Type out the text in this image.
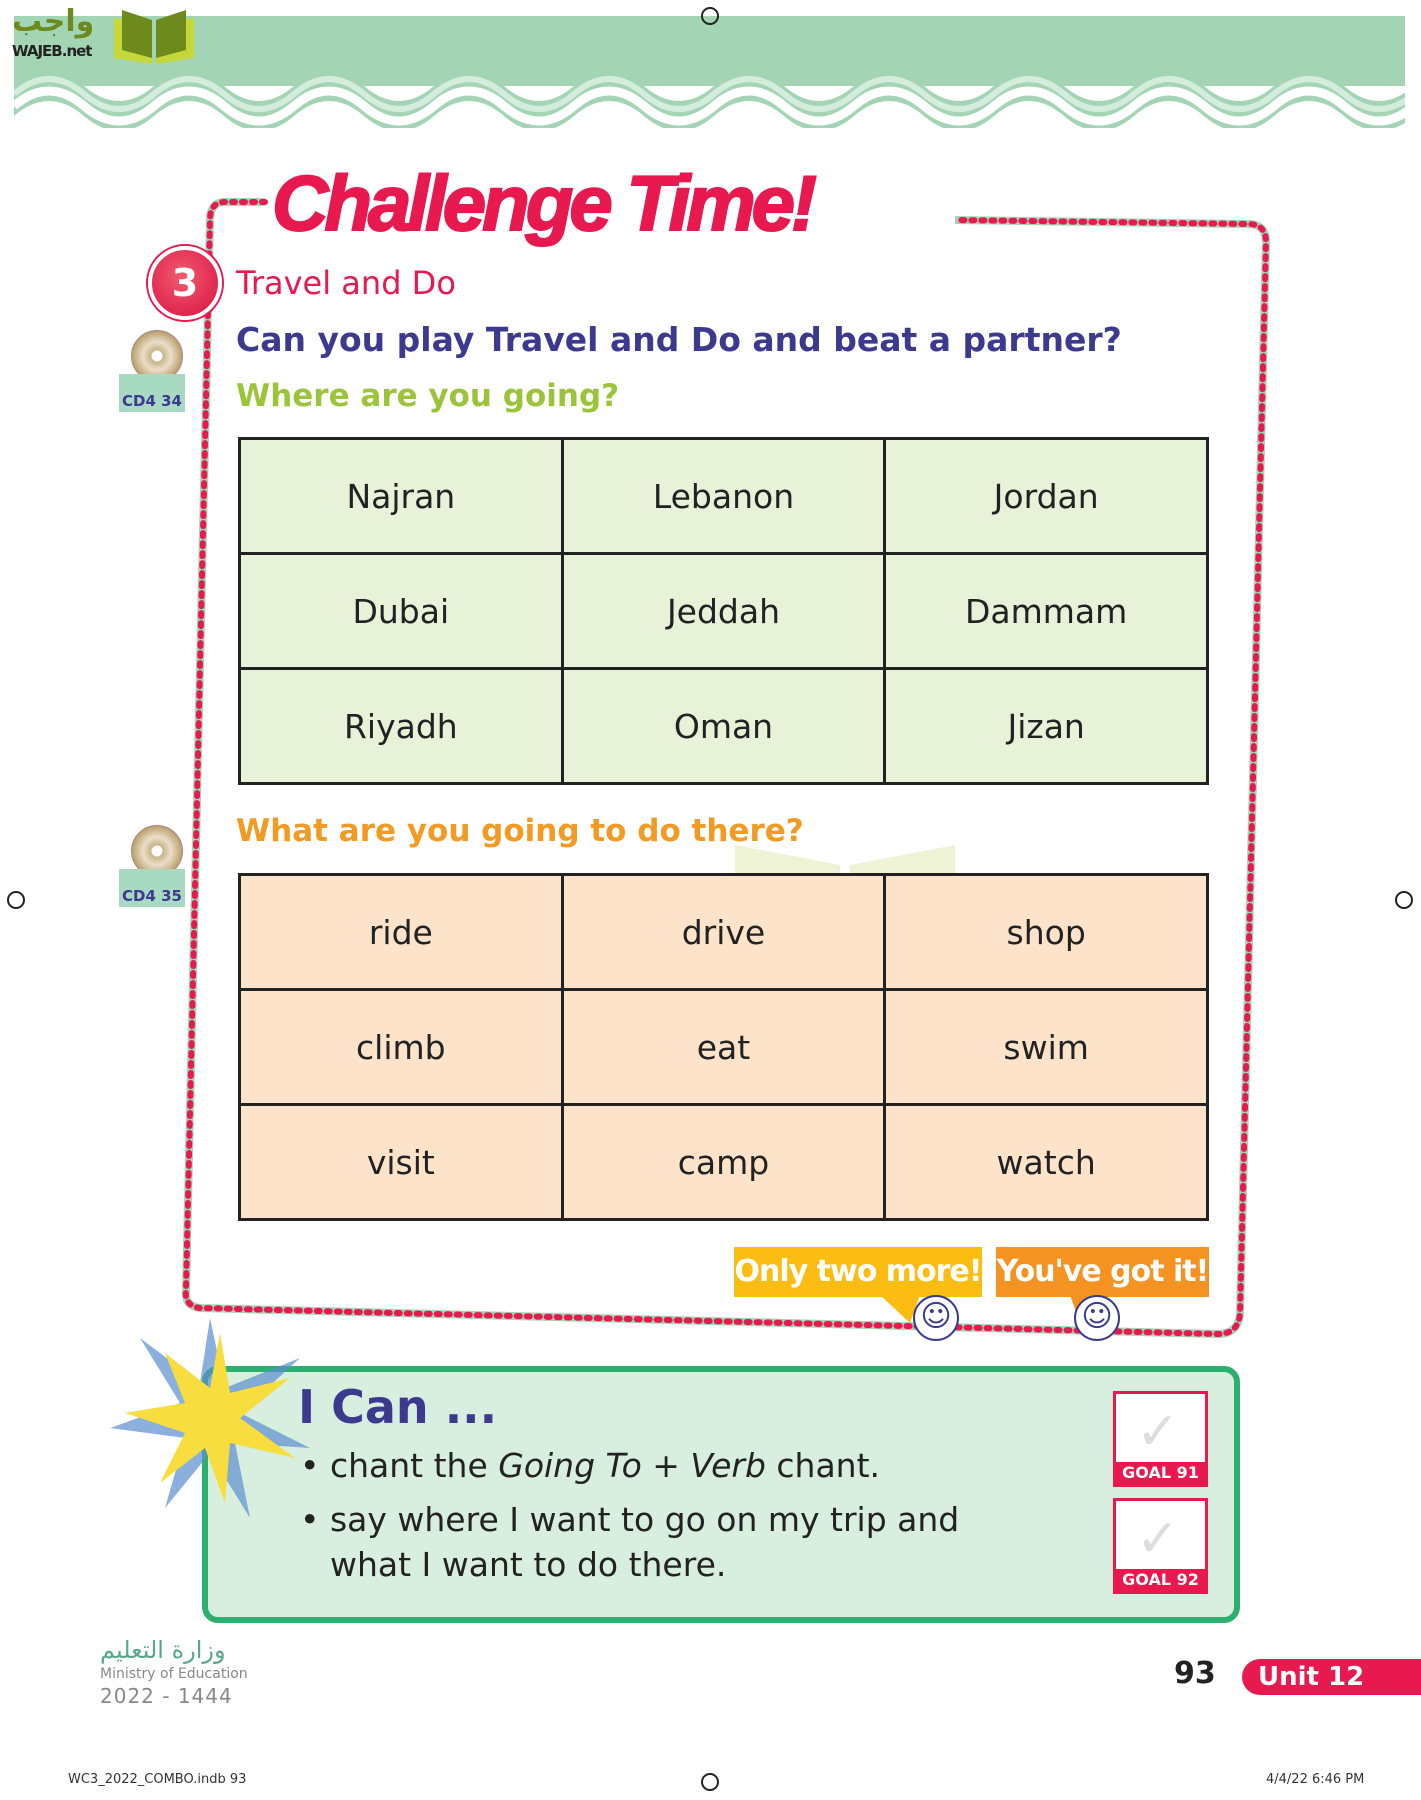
واجب
WAJEB.net
Challenge Time!
3	Travel and Do
Can you play Travel and Do and beat a partner?
Where are you going?
CD4 34
CD4 35
Najran	Lebanon	Jordan
Dubai	Jeddah	Dammam
Riyadh	Oman	Jizan
What are you going to do there?
ride	drive	shop
climb	eat	swim
visit	camp	watch
Only two more! You've got it!
☺	☺
I Can ...
• chant the Going To + Verb chant.
• say where I want to go on my trip and
what I want to do there.
✓
GOAL 91
✓
GOAL 92
وزارة التعليم
Ministry of Education
2022 - 1444
93	Unit 12
WC3_2022_COMBO.indb 93	4/4/22 6:46 PM
